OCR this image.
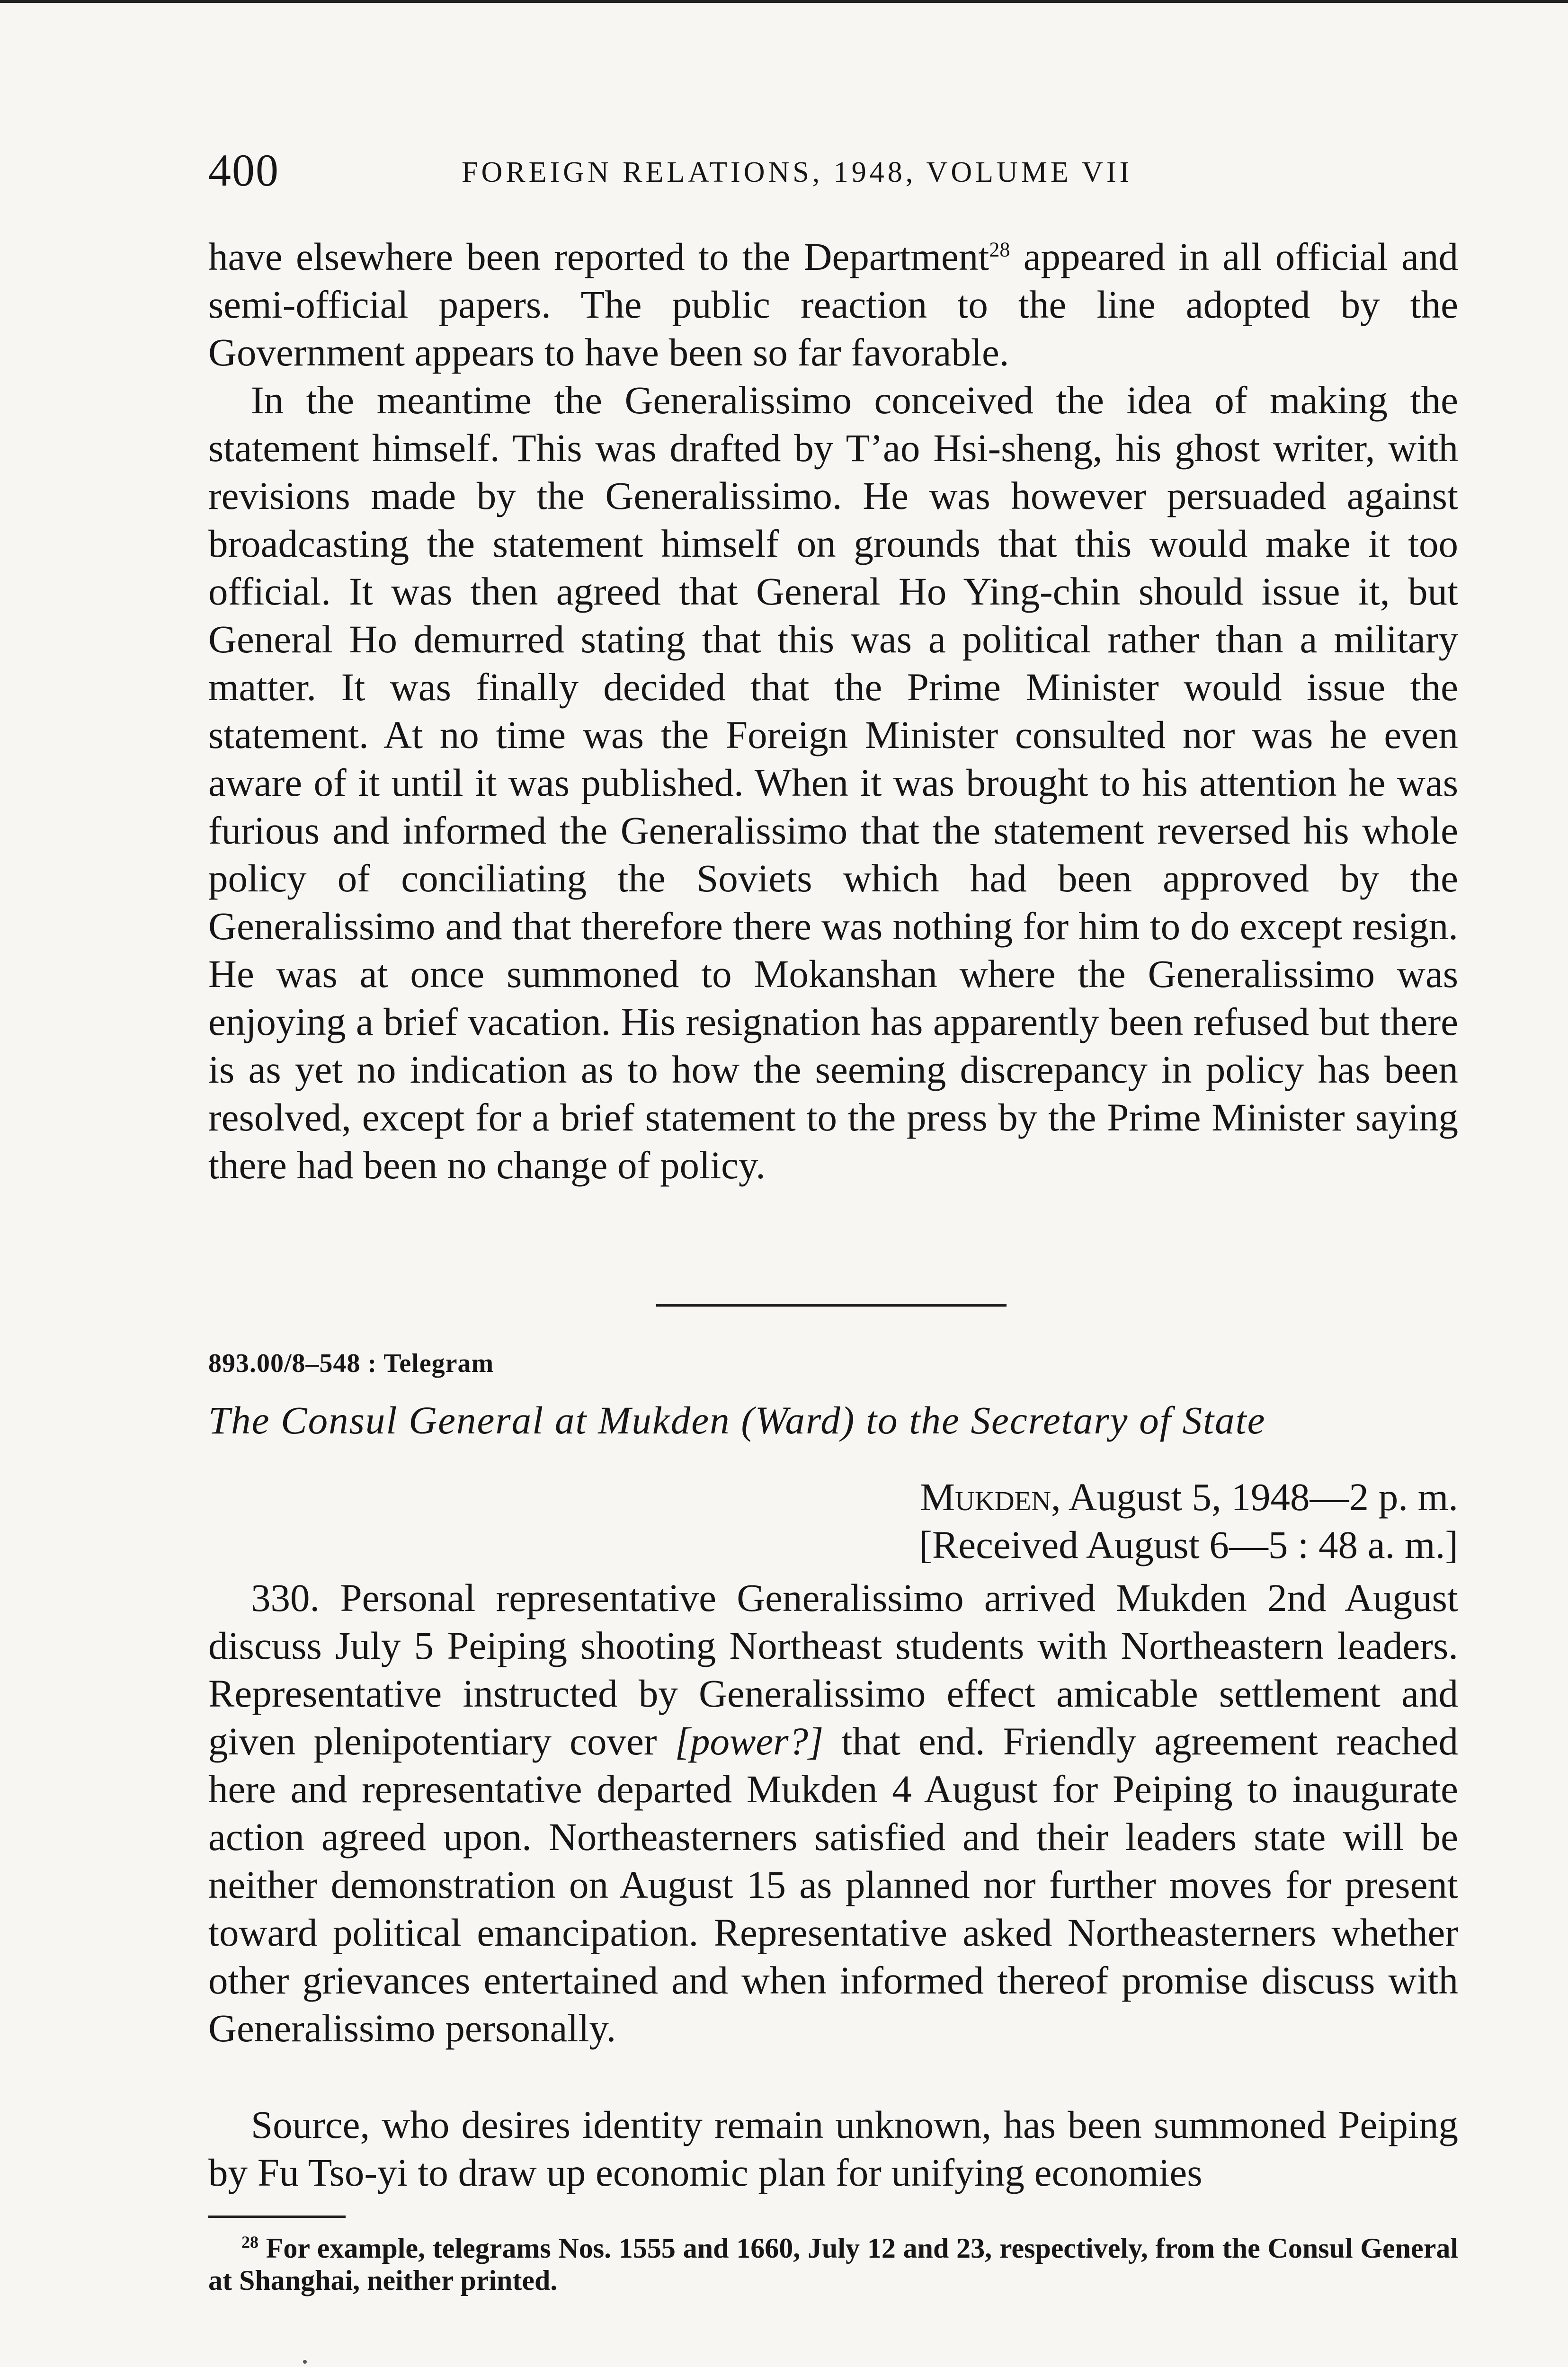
400	FOREIGN RELATIONS, 1948, VOLUME VII

have elsewhere been reported to the Department$^{28}$ appeared in all official and semi-official papers. The public reaction to the line adopted by the Government appears to have been so far favorable.

In the meantime the Generalissimo conceived the idea of making the statement himself. This was drafted by T’ao Hsi-sheng, his ghost writer, with revisions made by the Generalissimo. He was however persuaded against broadcasting the statement himself on grounds that this would make it too official. It was then agreed that General Ho Ying-chin should issue it, but General Ho demurred stating that this was a political rather than a military matter. It was finally decided that the Prime Minister would issue the statement. At no time was the Foreign Minister consulted nor was he even aware of it until it was published. When it was brought to his attention he was furious and informed the Generalissimo that the statement reversed his whole policy of conciliating the Soviets which had been approved by the Generalissimo and that therefore there was nothing for him to do except resign. He was at once summoned to Mokanshan where the Generalissimo was enjoying a brief vacation. His resignation has apparently been refused but there is as yet no indication as to how the seeming discrepancy in policy has been resolved, except for a brief statement to the press by the Prime Minister saying there had been no change of policy.

893.00/8–548 : Telegram
The Consul General at Mukden (Ward) to the Secretary of State
Mukden, August 5, 1948—2 p. m.
[Received August 6—5 : 48 a. m.]

330. Personal representative Generalissimo arrived Mukden 2nd August discuss July 5 Peiping shooting Northeast students with Northeastern leaders. Representative instructed by Generalissimo effect amicable settlement and given plenipotentiary cover [power?] that end. Friendly agreement reached here and representative departed Mukden 4 August for Peiping to inaugurate action agreed upon. Northeasterners satisfied and their leaders state will be neither demonstration on August 15 as planned nor further moves for present toward political emancipation. Representative asked Northeasterners whether other grievances entertained and when informed thereof promise discuss with Generalissimo personally.

Source, who desires identity remain unknown, has been summoned Peiping by Fu Tso-yi to draw up economic plan for unifying economies

$^{28}$ For example, telegrams Nos. 1555 and 1660, July 12 and 23, respectively, from the Consul General at Shanghai, neither printed.
